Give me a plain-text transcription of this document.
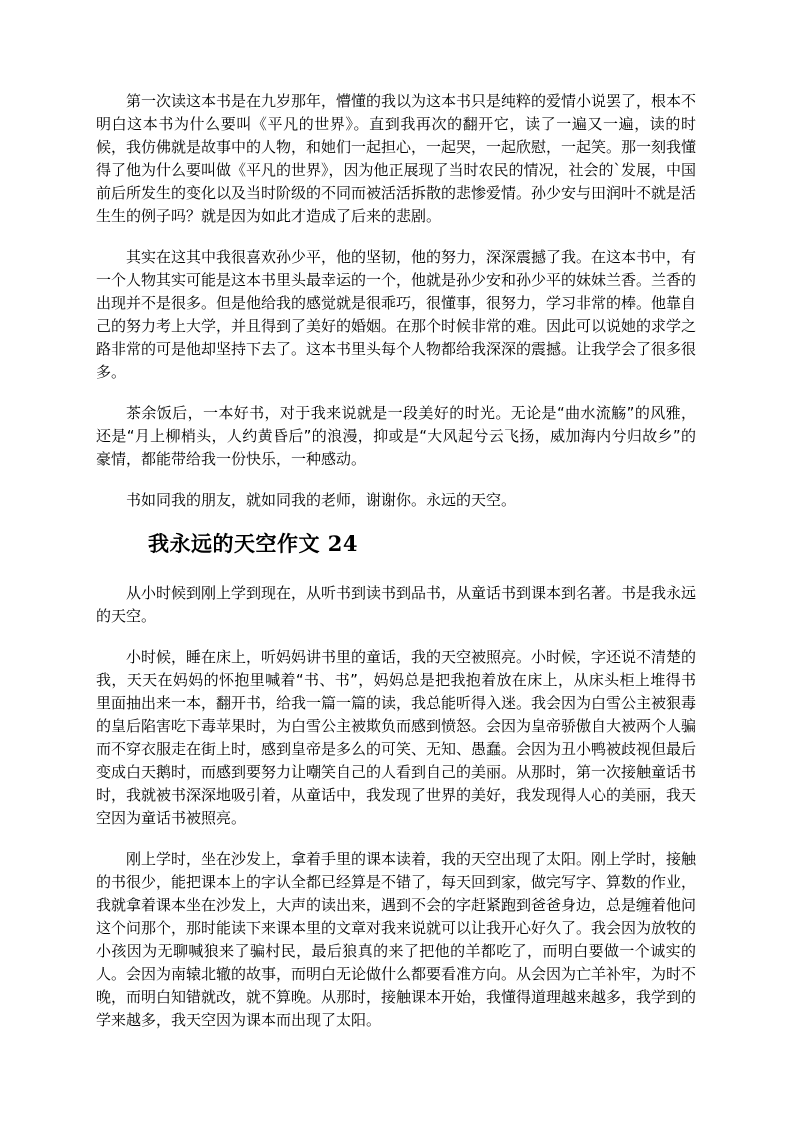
第一次读这本书是在九岁那年，懵懂的我以为这本书只是纯粹的爱情小说罢了，根本不明白这本书为什么要叫《平凡的世界》。直到我再次的翻开它，读了一遍又一遍，读的时候，我仿佛就是故事中的人物，和她们一起担心，一起哭，一起欣慰，一起笑。那一刻我懂得了他为什么要叫做《平凡的世界》，因为他正展现了当时农民的情况，社会的`发展，中国前后所发生的变化以及当时阶级的不同而被活活拆散的悲惨爱情。孙少安与田润叶不就是活生生的例子吗？就是因为如此才造成了后来的悲剧。

其实在这其中我很喜欢孙少平，他的坚韧，他的努力，深深震撼了我。在这本书中，有一个人物其实可能是这本书里头最幸运的一个，他就是孙少安和孙少平的妹妹兰香。兰香的出现并不是很多。但是他给我的感觉就是很乖巧，很懂事，很努力，学习非常的棒。他靠自己的努力考上大学，并且得到了美好的婚姻。在那个时候非常的难。因此可以说她的求学之路非常的可是他却坚持下去了。这本书里头每个人物都给我深深的震撼。让我学会了很多很多。

茶余饭后，一本好书，对于我来说就是一段美好的时光。无论是“曲水流觞”的风雅，还是“月上柳梢头，人约黄昏后”的浪漫，抑或是“大风起兮云飞扬，威加海内兮归故乡”的豪情，都能带给我一份快乐，一种感动。

书如同我的朋友，就如同我的老师，谢谢你。永远的天空。

我永远的天空作文 24

从小时候到刚上学到现在，从听书到读书到品书，从童话书到课本到名著。书是我永远的天空。

小时候，睡在床上，听妈妈讲书里的童话，我的天空被照亮。小时候，字还说不清楚的我，天天在妈妈的怀抱里喊着“书、书”，妈妈总是把我抱着放在床上，从床头柜上堆得书里面抽出来一本，翻开书，给我一篇一篇的读，我总能听得入迷。我会因为白雪公主被狠毒的皇后陷害吃下毒苹果时，为白雪公主被欺负而感到愤怒。会因为皇帝骄傲自大被两个人骗而不穿衣服走在街上时，感到皇帝是多么的可笑、无知、愚蠢。会因为丑小鸭被歧视但最后变成白天鹅时，而感到要努力让嘲笑自己的人看到自己的美丽。从那时，第一次接触童话书时，我就被书深深地吸引着，从童话中，我发现了世界的美好，我发现得人心的美丽，我天空因为童话书被照亮。

刚上学时，坐在沙发上，拿着手里的课本读着，我的天空出现了太阳。刚上学时，接触的书很少，能把课本上的字认全都已经算是不错了，每天回到家，做完写字、算数的作业，我就拿着课本坐在沙发上，大声的读出来，遇到不会的字赶紧跑到爸爸身边，总是缠着他问这个问那个，那时能读下来课本里的文章对我来说就可以让我开心好久了。我会因为放牧的小孩因为无聊喊狼来了骗村民，最后狼真的来了把他的羊都吃了，而明白要做一个诚实的人。会因为南辕北辙的故事，而明白无论做什么都要看准方向。从会因为亡羊补牢，为时不晚，而明白知错就改，就不算晚。从那时，接触课本开始，我懂得道理越来越多，我学到的学来越多，我天空因为课本而出现了太阳。
